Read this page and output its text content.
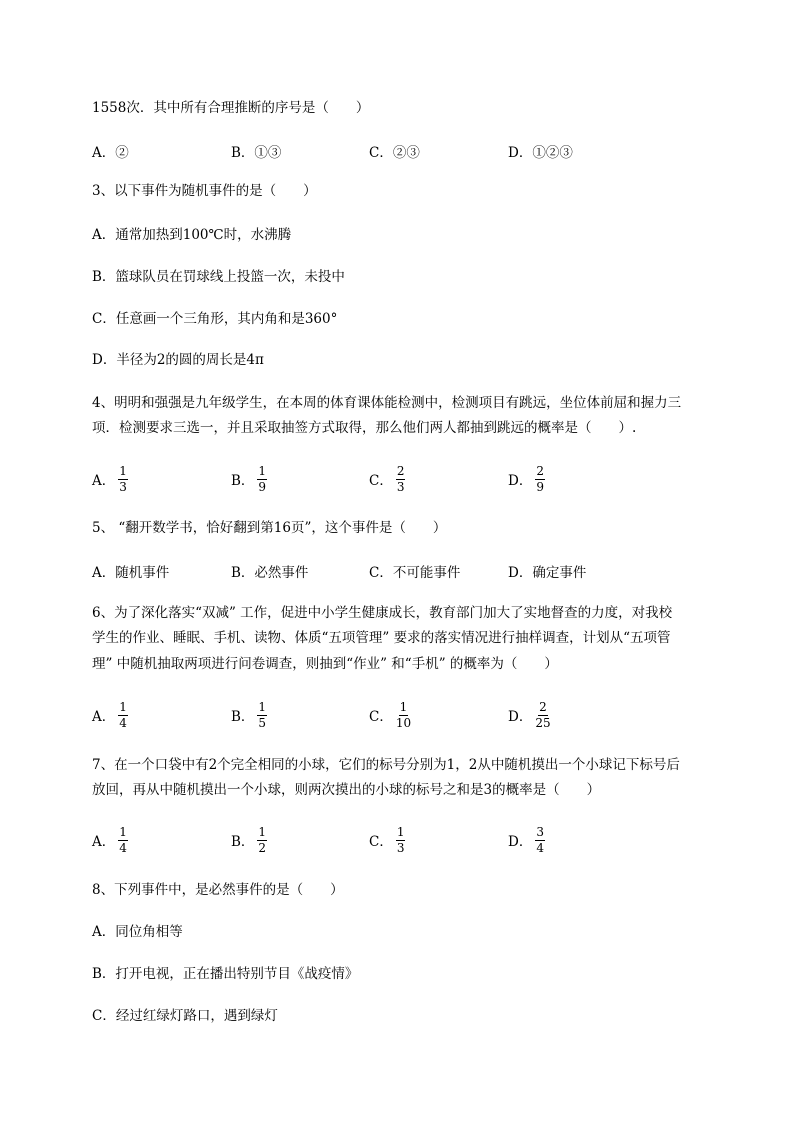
1558次．其中所有合理推断的序号是（　　）
A．②	B．①③	C．②③	D．①②③
3、以下事件为随机事件的是（　　）
A．通常加热到100℃时，水沸腾
B．篮球队员在罚球线上投篮一次，未投中
C．任意画一个三角形，其内角和是360°
D．半径为2的圆的周长是4π
4、明明和强强是九年级学生，在本周的体育课体能检测中，检测项目有跳远，坐位体前屈和握力三
项．检测要求三选一，并且采取抽签方式取得，那么他们两人都抽到跳远的概率是（　　）.
A． $\frac{1}{3}$	B． $\frac{1}{9}$	C． $\frac{2}{3}$	D． $\frac{2}{9}$
5、 “翻开数学书，恰好翻到第16页”，这个事件是（　　）
A．随机事件	B．必然事件	C．不可能事件	D．确定事件
6、为了深化落实“双减” 工作，促进中小学生健康成长，教育部门加大了实地督查的力度，对我校
学生的作业、睡眠、手机、读物、体质“五项管理” 要求的落实情况进行抽样调查，计划从“五项管
理” 中随机抽取两项进行问卷调查，则抽到“作业” 和“手机” 的概率为（　　）
A． $\frac{1}{4}$	B． $\frac{1}{5}$	C． $\frac{1}{10}$	D． $\frac{2}{25}$
7、在一个口袋中有2个完全相同的小球，它们的标号分别为1，2从中随机摸出一个小球记下标号后
放回，再从中随机摸出一个小球，则两次摸出的小球的标号之和是3的概率是（　　）
A． $\frac{1}{4}$	B． $\frac{1}{2}$	C． $\frac{1}{3}$	D． $\frac{3}{4}$
8、下列事件中，是必然事件的是（　　）
A．同位角相等
B．打开电视，正在播出特别节目《战疫情》
C．经过红绿灯路口，遇到绿灯
